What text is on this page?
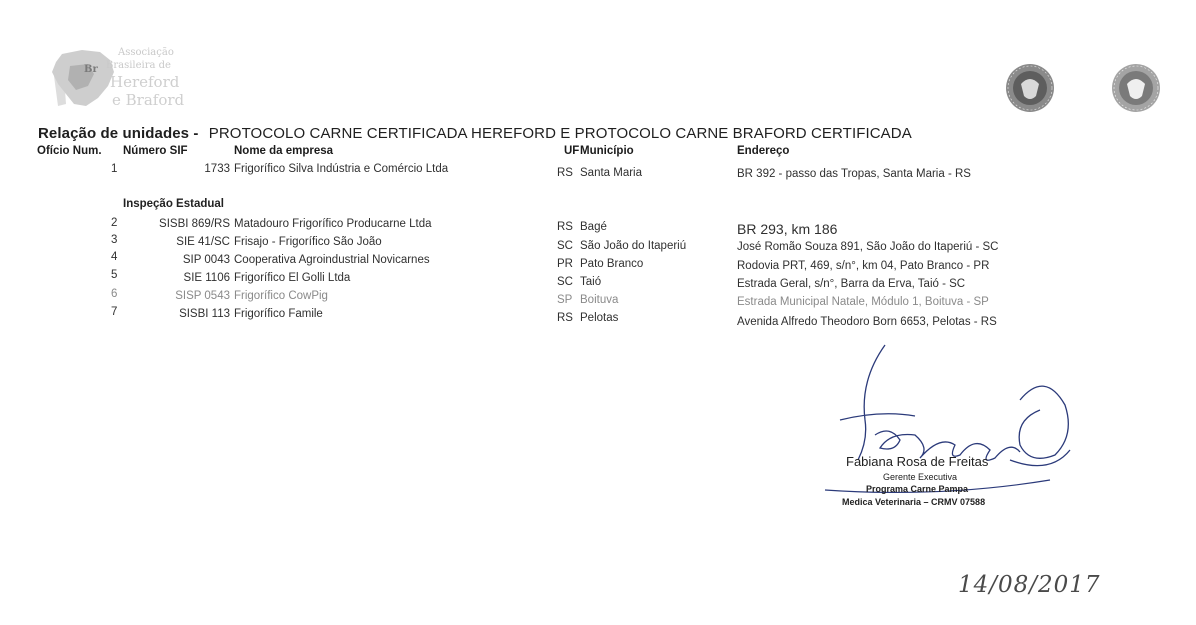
Br
Associação
Brasileira de
Hereford
e Braford
Relação de unidades - PROTOCOLO CARNE CERTIFICADA HEREFORD E PROTOCOLO CARNE BRAFORD CERTIFICADA
Ofício Num. Número SIF	Nome da empresa	UF Município	Endereço
1	1733 Frigorífico Silva Indústria e Comércio Ltda	RS Santa Maria	BR 392 - passo das Tropas, Santa Maria - RS
Inspeção Estadual
2	SISBI 869/RS Matadouro Frigorífico Producarne Ltda	RS Bagé	BR 293, km 186
3	SIE 41/SC Frisajo - Frigorífico São João	SC São João do Itaperiú	José Romão Souza 891, São João do Itaperiú - SC
4	SIP 0043 Cooperativa Agroindustrial Novicarnes	PR Pato Branco	Rodovia PRT, 469, s/n°, km 04, Pato Branco - PR
5	SIE 1106 Frigorífico El Golli Ltda	SC Taió	Estrada Geral, s/n°, Barra da Erva, Taió - SC
6	SISP 0543 Frigorífico CowPig	SP Boituva	Estrada Municipal Natale, Módulo 1, Boituva - SP
7	SISBI 113 Frigorífico Famile	RS Pelotas	Avenida Alfredo Theodoro Born 6653, Pelotas - RS
Fabiana Rosa de Freitas
Gerente Executiva
Programa Carne Pampa
Medica Veterinaria – CRMV 07588
14/08/2017
